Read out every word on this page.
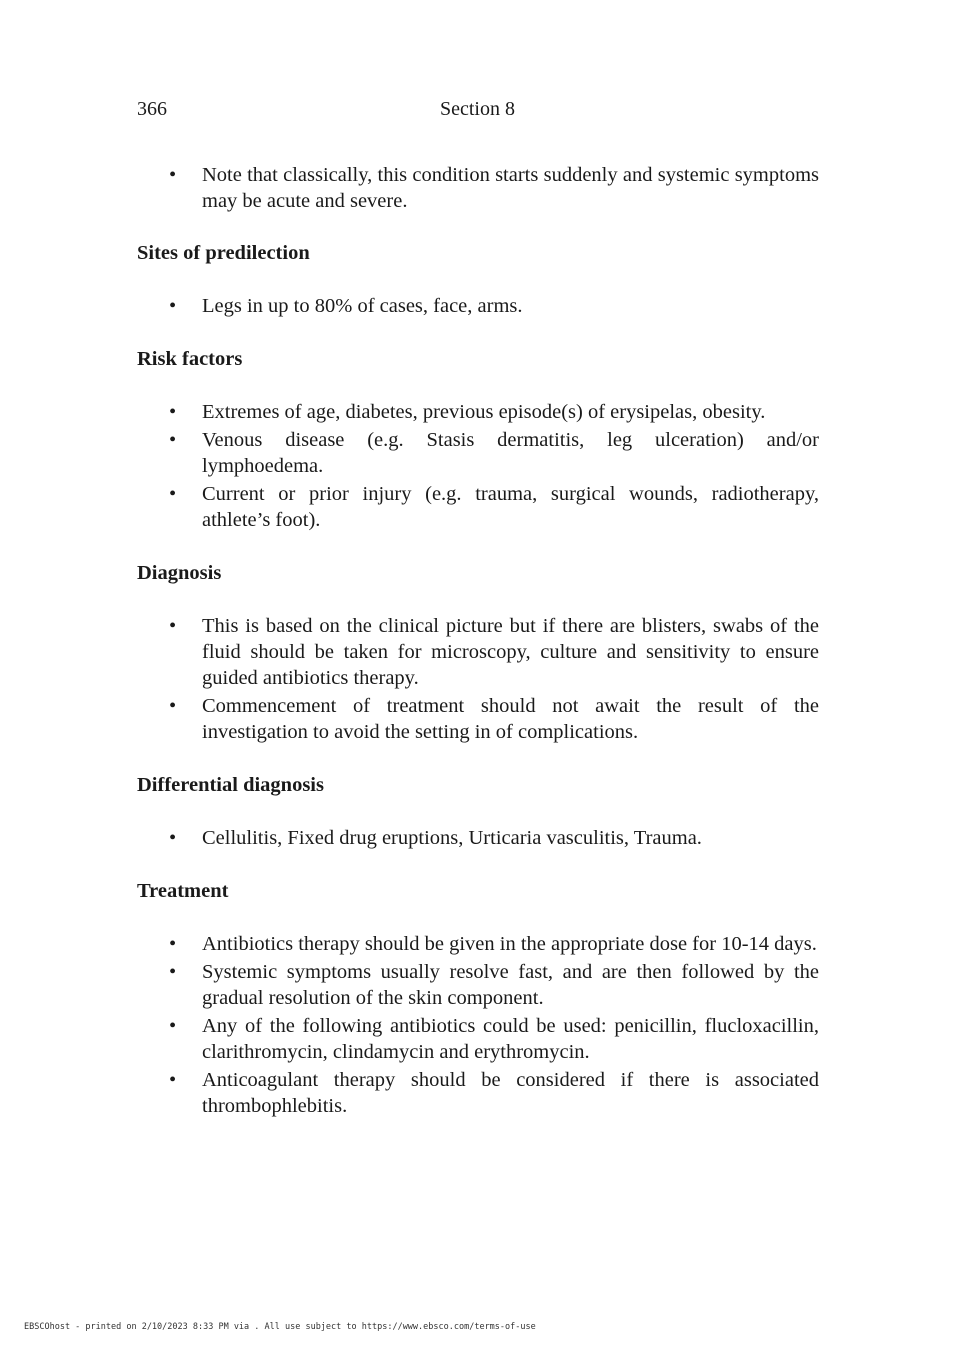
366	Section 8
• Note that classically, this condition starts suddenly and systemic symptoms may be acute and severe.
Sites of predilection
• Legs in up to 80% of cases, face, arms.
Risk factors
• Extremes of age, diabetes, previous episode(s) of erysipelas, obesity.
• Venous disease (e.g. Stasis dermatitis, leg ulceration) and/or lymphoedema.
• Current or prior injury (e.g. trauma, surgical wounds, radiotherapy, athlete’s foot).
Diagnosis
• This is based on the clinical picture but if there are blisters, swabs of the fluid should be taken for microscopy, culture and sensitivity to ensure guided antibiotics therapy.
• Commencement of treatment should not await the result of the investigation to avoid the setting in of complications.
Differential diagnosis
• Cellulitis, Fixed drug eruptions, Urticaria vasculitis, Trauma.
Treatment
• Antibiotics therapy should be given in the appropriate dose for 10-14 days.
• Systemic symptoms usually resolve fast, and are then followed by the gradual resolution of the skin component.
• Any of the following antibiotics could be used: penicillin, flucloxacillin, clarithromycin, clindamycin and erythromycin.
• Anticoagulant therapy should be considered if there is associated thrombophlebitis.
EBSCOhost - printed on 2/10/2023 8:33 PM via . All use subject to https://www.ebsco.com/terms-of-use
